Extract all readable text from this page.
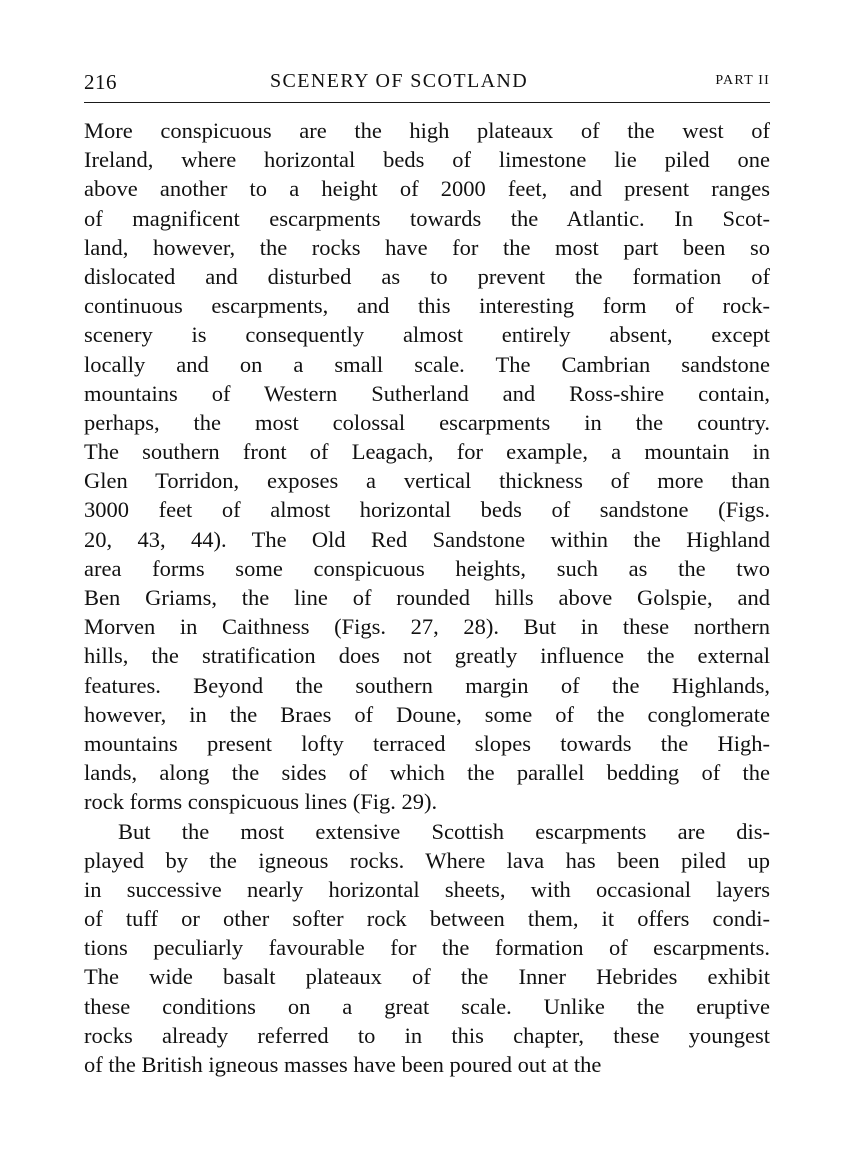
216	SCENERY OF SCOTLAND	PART II
More conspicuous are the high plateaux of the west of
Ireland, where horizontal beds of limestone lie piled one
above another to a height of 2000 feet, and present ranges
of magnificent escarpments towards the Atlantic. In Scot-
land, however, the rocks have for the most part been so
dislocated and disturbed as to prevent the formation of
continuous escarpments, and this interesting form of rock-
scenery is consequently almost entirely absent, except
locally and on a small scale. The Cambrian sandstone
mountains of Western Sutherland and Ross-shire contain,
perhaps, the most colossal escarpments in the country.
The southern front of Leagach, for example, a mountain in
Glen Torridon, exposes a vertical thickness of more than
3000 feet of almost horizontal beds of sandstone (Figs.
20, 43, 44). The Old Red Sandstone within the Highland
area forms some conspicuous heights, such as the two
Ben Griams, the line of rounded hills above Golspie, and
Morven in Caithness (Figs. 27, 28). But in these northern
hills, the stratification does not greatly influence the external
features. Beyond the southern margin of the Highlands,
however, in the Braes of Doune, some of the conglomerate
mountains present lofty terraced slopes towards the High-
lands, along the sides of which the parallel bedding of the
rock forms conspicuous lines (Fig. 29).
But the most extensive Scottish escarpments are dis-
played by the igneous rocks. Where lava has been piled up
in successive nearly horizontal sheets, with occasional layers
of tuff or other softer rock between them, it offers condi-
tions peculiarly favourable for the formation of escarpments.
The wide basalt plateaux of the Inner Hebrides exhibit
these conditions on a great scale. Unlike the eruptive
rocks already referred to in this chapter, these youngest
of the British igneous masses have been poured out at the
